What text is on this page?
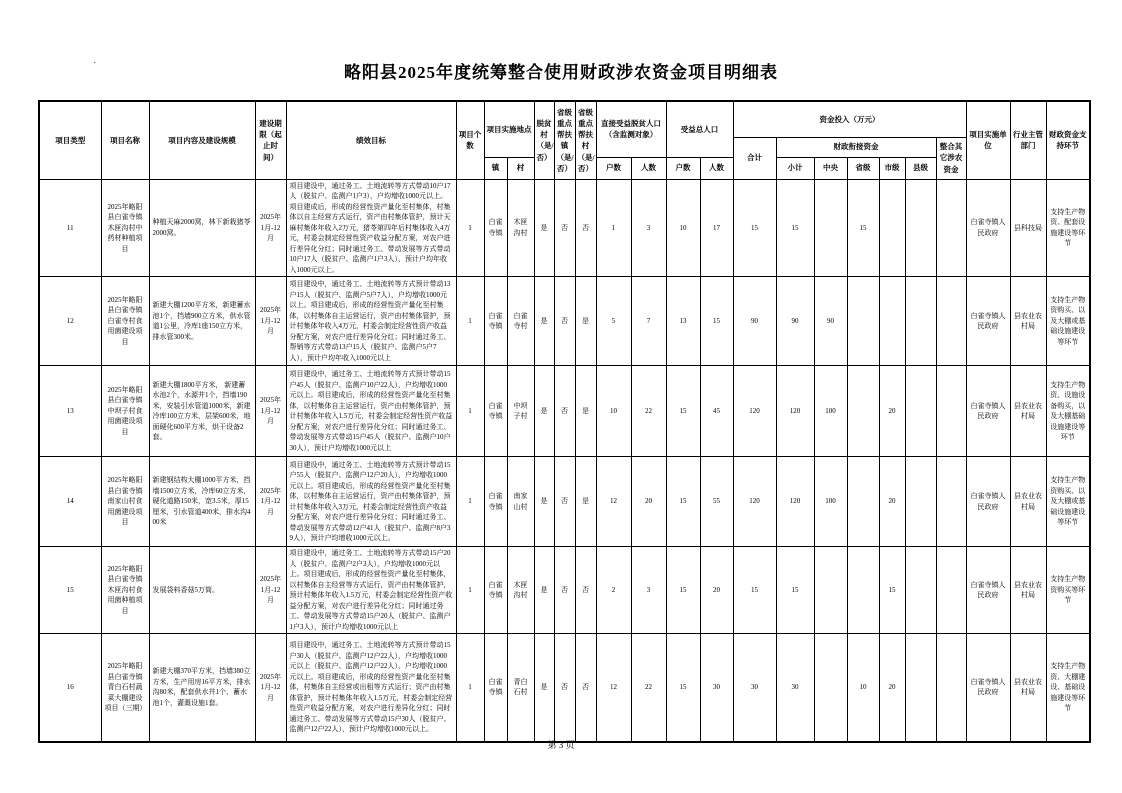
·	略阳县2025年度统筹整合使用财政涉农资金项目明细表
项目类型	项目名称	项目内容及建设规模	建设期限（起止时间）	绩效目标	项目个数	项目实施地点		脱贫村（是/否）	省级重点帮扶镇（是/否）	省级重点帮扶村（是/否）	直接受益脱贫人口（含监测对象）		受益总人口		资金投入（万元）							项目实施单位	行业主管部门	财政资金支持环节
															合计	财政衔接资金					整合其它涉农资金			
						镇	村				户数	人数	户数	人数		小计	中央	省级	市级	县级				
11	2025年略阳县白雀寺镇木匣沟村中药材种植项目	种植天麻2000窝，林下新栽猪苓2000窝。	2025年1月-12月	项目建设中，通过务工、土地流转等方式带动10户17人（脱贫户、监测户1户3），户均增收1000元以上。项目建成后，形成的经营性资产量化至村集体，村集体以自主经营方式运行，资产由村集体管护，预计天麻村集体年收入2万元，猪苓第四年后村集体收入4万元，村委会制定经营性资产收益分配方案，对农户进行差异化分红；同时通过务工、带动发展等方式带动10户17人（脱贫户、监测户1户3人），预计户均年收入1000元以上。	1	白雀寺镇	木匣沟村	是	否	否	1	3	10	17	15	15		15				白雀寺镇人民政府	县科技局	支持生产物资、配套设施建设等环节
12	2025年略阳县白雀寺镇白雀寺村食用菌建设项目	新建大棚1200平方米，新建蓄水池1个，挡墙900立方米，供水管道1公里，冷库1座150立方米，排水管300米。	2025年1月-12月	项目建设中，通过务工、土地流转等方式预计带动13户15人（脱贫户、监测户5户7人），户均增收1000元以上。项目建成后，形成的经营性资产量化至村集体，以村集体自主运营运行，资产由村集体管护，预计村集体年收入4万元，村委会制定经营性资产收益分配方案，对农户进行差异化分红；同时通过务工、帮销等方式带动13户15人（脱贫户、监测户5户7人），预计户均年收入1000元以上	1	白雀寺镇	白雀寺村	是	否	是	5	7	13	15	90	90	90					白雀寺镇人民政府	县农业农村局	支持生产物资购买、以及大棚或基础设施建设等环节
13	2025年略阳县白雀寺镇中坝子村食用菌建设项目	新建大棚1800平方米， 新建蓄水池2个，水源井1个，挡墙190米，安装引水管道1000米，新建冷库100立方米，层架600米，地面硬化600平方米，烘干设备2套。	2025年1月-12月	项目建设中，通过务工、土地流转等方式预计带动15户45人（脱贫户、监测户10户22人），户均增收1000元以上。项目建成后，形成的经营性资产量化至村集体，以村集体自主运营运行，资产由村集体管护，预计村集体年收入1.5万元，村委会制定经营性资产收益分配方案，对农户进行差异化分红；同时通过务工、带动发展等方式带动15户45人（脱贫户、监测户10户30人），预计户均增收1000元以上	1	白雀寺镇	中坝子村	是	否	是	10	22	15	45	120	120	100		20			白雀寺镇人民政府	县农业农村局	支持生产物资、设施设备购买，以及大棚基础设施建设等环节
14	2025年略阳县白雀寺镇南家山村食用菌建设项目	新建钢结构大棚1000平方米，挡墙1500立方米，冷库60立方米，硬化道路150米，宽3.5米，厚15厘米，引水管道400米，排水沟400米	2025年1月-12月	项目建设中，通过务工、土地流转等方式预计带动15户55人（脱贫户、监测户12户20人），户均增收1000元以上。项目建成后，形成的经营性资产量化至村集体，以村集体自主运营运行，资产由村集体管护，预计村集体年收入3万元，村委会制定经营性资产收益分配方案，对农户进行差异化分红；同时通过务工、带动发展等方式带动12户41人（脱贫户、监测户8户39人），预计户均增收1000元以上。	1	白雀寺镇	南家山村	是	否	是	12	20	15	55	120	120	100		20			白雀寺镇人民政府	县农业农村局	支持生产物资购买、以及大棚或基础设施建设等环节
15	2025年略阳县白雀寺镇木匣沟村食用菌种植项目	发展袋料香菇5万筒。	2025年1月-12月	项目建设中，通过务工、土地流转等方式带动15户20人（脱贫户、监测户2户3人），户均增收1000元以上。项目建成后，形成的经营性资产量化至村集体，以村集体自主经营等方式运行，资产由村集体管护，预计村集体年收入1.5万元，村委会制定经营性资产收益分配方案，对农户进行差异化分红；同时通过务工、带动发展等方式带动15户20人（脱贫户、监测户1户3人），预计户均增收1000元以上	1	白雀寺镇	木匣沟村	是	否	否	2	3	15	20	15	15			15			白雀寺镇人民政府	县农业农村局	支持生产物资购买等环节
16	2025年略阳县白雀寺镇青白石村蔬菜大棚建设项目（三期）	新建大棚370平方米，挡墙380立方米，生产用房16平方米，排水沟80米，配套供水井1个、蓄水池1个，灌溉设施1套。	2025年1月-12月	项目建设中，通过务工、土地流转等方式预计带动15户30人（脱贫户、监测户12户22人），户均增收1000元以上（脱贫户、监测户12户22人），户均增收1000元以上。项目建成后，形成的经营性资产量化至村集体，村集体自主经营或出租等方式运行；资产由村集体管护，预计村集体年收入1.5万元，村委会制定经营性资产收益分配方案，对农户进行差异化分红；同时通过务工、带动发展等方式带动15户30人（脱贫户、监测户12户22人），预计户均增收1000元以上。	1	白雀寺镇	青白石村	是	否	否	12	22	15	30	30	30		10	20			白雀寺镇人民政府	县农业农村局	支持生产物资、大棚建设、基础设施建设等环节
第 3 页
